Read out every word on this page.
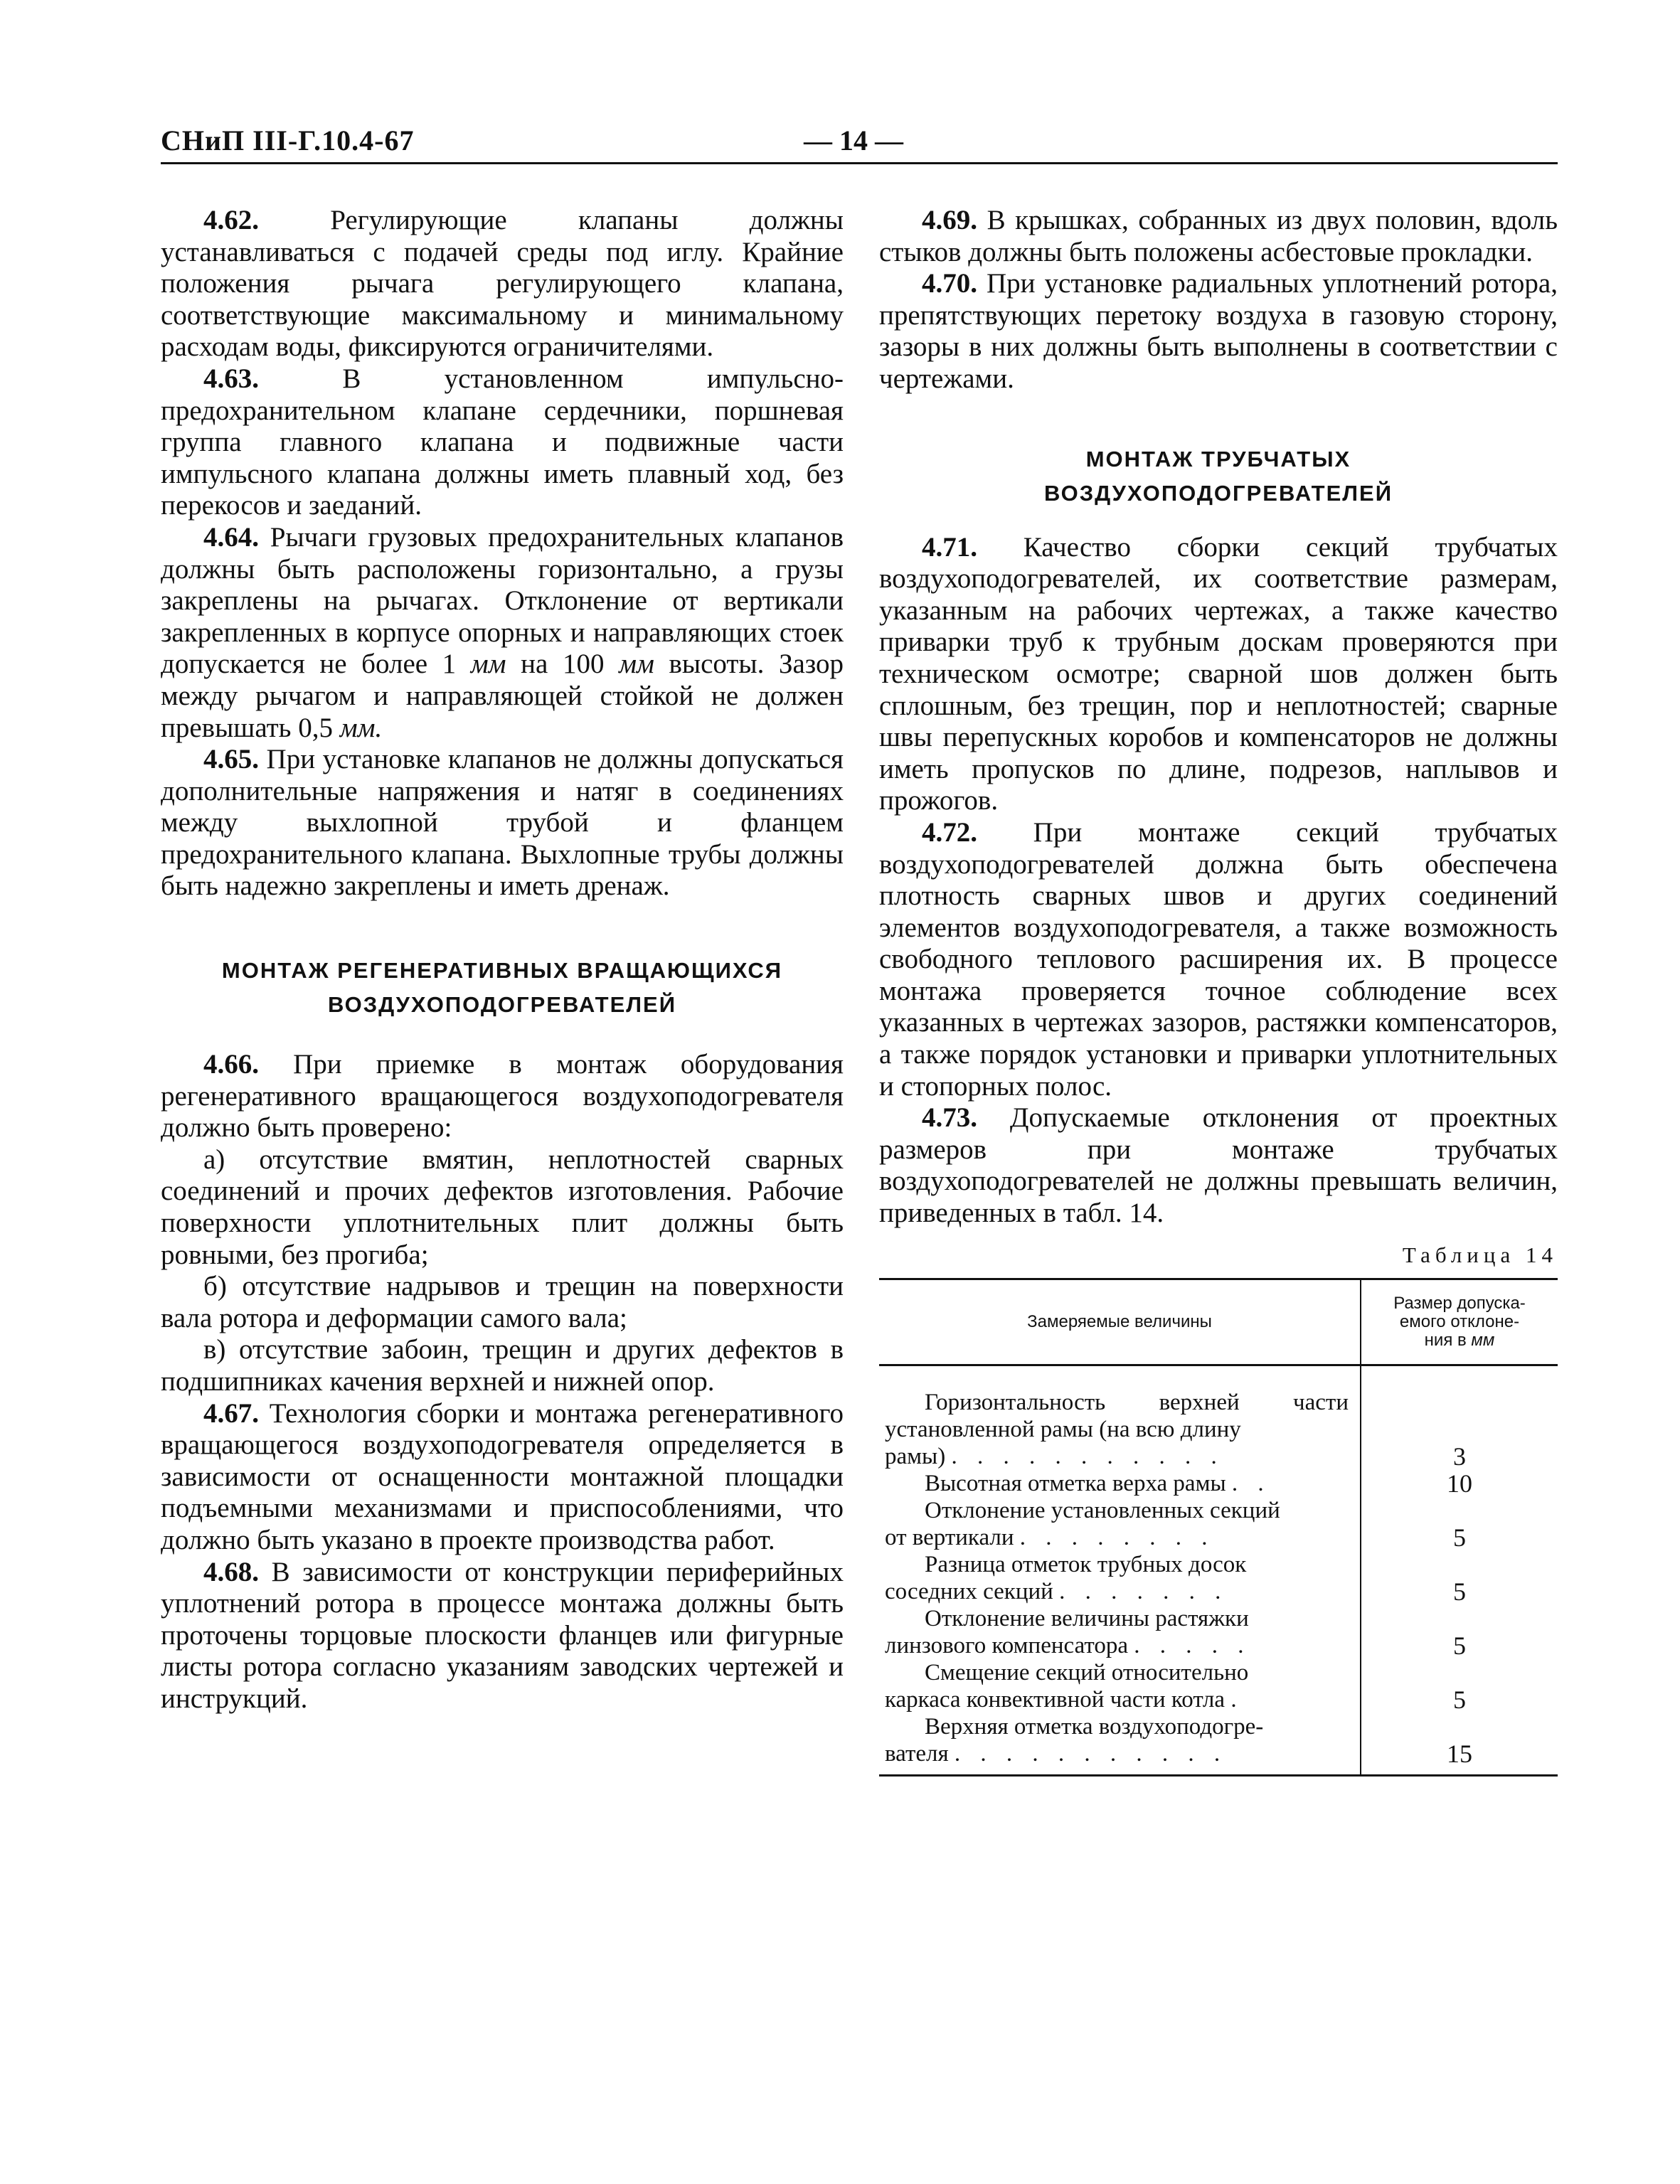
СНиП III-Г.10.4-67	— 14 —

4.62. Регулирующие клапаны должны устанавливаться с подачей среды под иглу. Крайние положения рычага регулирующего клапана, соответствующие максимальному и минимальному расходам воды, фиксируются ограничителями.

4.63. В установленном импульсно-предохранительном клапане сердечники, поршневая группа главного клапана и подвижные части импульсного клапана должны иметь плавный ход, без перекосов и заеданий.

4.64. Рычаги грузовых предохранительных клапанов должны быть расположены горизонтально, а грузы закреплены на рычагах. Отклонение от вертикали закрепленных в корпусе опорных и направляющих стоек допускается не более 1 мм на 100 мм высоты. Зазор между рычагом и направляющей стойкой не должен превышать 0,5 мм.

4.65. При установке клапанов не должны допускаться дополнительные напряжения и натяг в соединениях между выхлопной трубой и фланцем предохранительного клапана. Выхлопные трубы должны быть надежно закреплены и иметь дренаж.

МОНТАЖ РЕГЕНЕРАТИВНЫХ ВРАЩАЮЩИХСЯ
ВОЗДУХОПОДОГРЕВАТЕЛЕЙ

4.66. При приемке в монтаж оборудования регенеративного вращающегося воздухоподогревателя должно быть проверено:

а) отсутствие вмятин, неплотностей сварных соединений и прочих дефектов изготовления. Рабочие поверхности уплотнительных плит должны быть ровными, без прогиба;

б) отсутствие надрывов и трещин на поверхности вала ротора и деформации самого вала;

в) отсутствие забоин, трещин и других дефектов в подшипниках качения верхней и нижней опор.

4.67. Технология сборки и монтажа регенеративного вращающегося воздухоподогревателя определяется в зависимости от оснащенности монтажной площадки подъемными механизмами и приспособлениями, что должно быть указано в проекте производства работ.

4.68. В зависимости от конструкции периферийных уплотнений ротора в процессе монтажа должны быть проточены торцовые плоскости фланцев или фигурные листы ротора согласно указаниям заводских чертежей и инструкций.

4.69. В крышках, собранных из двух половин, вдоль стыков должны быть положены асбестовые прокладки.

4.70. При установке радиальных уплотнений ротора, препятствующих перетоку воздуха в газовую сторону, зазоры в них должны быть выполнены в соответствии с чертежами.

МОНТАЖ ТРУБЧАТЫХ
ВОЗДУХОПОДОГРЕВАТЕЛЕЙ

4.71. Качество сборки секций трубчатых воздухоподогревателей, их соответствие размерам, указанным на рабочих чертежах, а также качество приварки труб к трубным доскам проверяются при техническом осмотре; сварной шов должен быть сплошным, без трещин, пор и неплотностей; сварные швы перепускных коробов и компенсаторов не должны иметь пропусков по длине, подрезов, наплывов и прожогов.

4.72. При монтаже секций трубчатых воздухоподогревателей должна быть обеспечена плотность сварных швов и других соединений элементов воздухоподогревателя, а также возможность свободного теплового расширения их. В процессе монтажа проверяется точное соблюдение всех указанных в чертежах зазоров, растяжки компенсаторов, а также порядок установки и приварки уплотнительных и стопорных полос.

4.73. Допускаемые отклонения от проектных размеров при монтаже трубчатых воздухоподогревателей не должны превышать величин, приведенных в табл. 14.

Таблица 14
Замеряемые величины	Размер допуска-
емого отклоне-
ния в мм

Горизонтальность верхней части установленной рамы (на всю длину
рамы) . . . . . . . . . . .	3

Высотная отметка верха рамы . .	10

Отклонение установленных секций
от вертикали . . . . . . . .	5

Разница отметок трубных досок
соседних секций . . . . . . .	5

Отклонение величины растяжки
линзового компенсатора . . . . .	5

Смещение секций относительно
каркаса конвективной части котла .	5

Верхняя отметка воздухоподогре-
вателя . . . . . . . . . . .	15
